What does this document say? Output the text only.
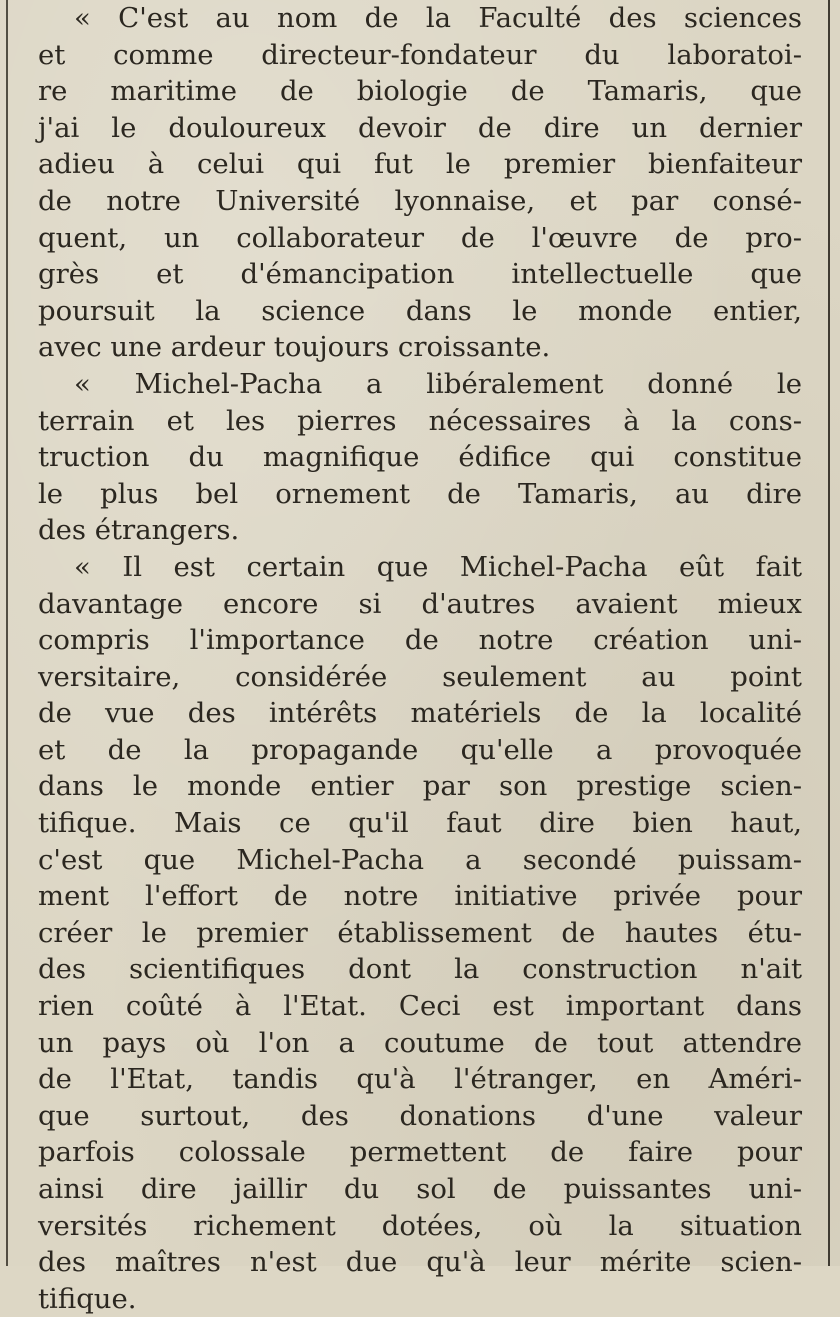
« C'est au nom de la Faculté des sciences
et comme directeur-fondateur du laboratoi-
re maritime de biologie de Tamaris, que
j'ai le douloureux devoir de dire un dernier
adieu à celui qui fut le premier bienfaiteur
de notre Université lyonnaise, et par consé-
quent, un collaborateur de l'œuvre de pro-
grès et d'émancipation intellectuelle que
poursuit la science dans le monde entier,
avec une ardeur toujours croissante.
« Michel-Pacha a libéralement donné le
terrain et les pierres nécessaires à la cons-
truction du magnifique édifice qui constitue
le plus bel ornement de Tamaris, au dire
des étrangers.
« Il est certain que Michel-Pacha eût fait
davantage encore si d'autres avaient mieux
compris l'importance de notre création uni-
versitaire, considérée seulement au point
de vue des intérêts matériels de la localité
et de la propagande qu'elle a provoquée
dans le monde entier par son prestige scien-
tifique. Mais ce qu'il faut dire bien haut,
c'est que Michel-Pacha a secondé puissam-
ment l'effort de notre initiative privée pour
créer le premier établissement de hautes étu-
des scientifiques dont la construction n'ait
rien coûté à l'Etat. Ceci est important dans
un pays où l'on a coutume de tout attendre
de l'Etat, tandis qu'à l'étranger, en Améri-
que surtout, des donations d'une valeur
parfois colossale permettent de faire pour
ainsi dire jaillir du sol de puissantes uni-
versités richement dotées, où la situation
des maîtres n'est due qu'à leur mérite scien-
tifique.
